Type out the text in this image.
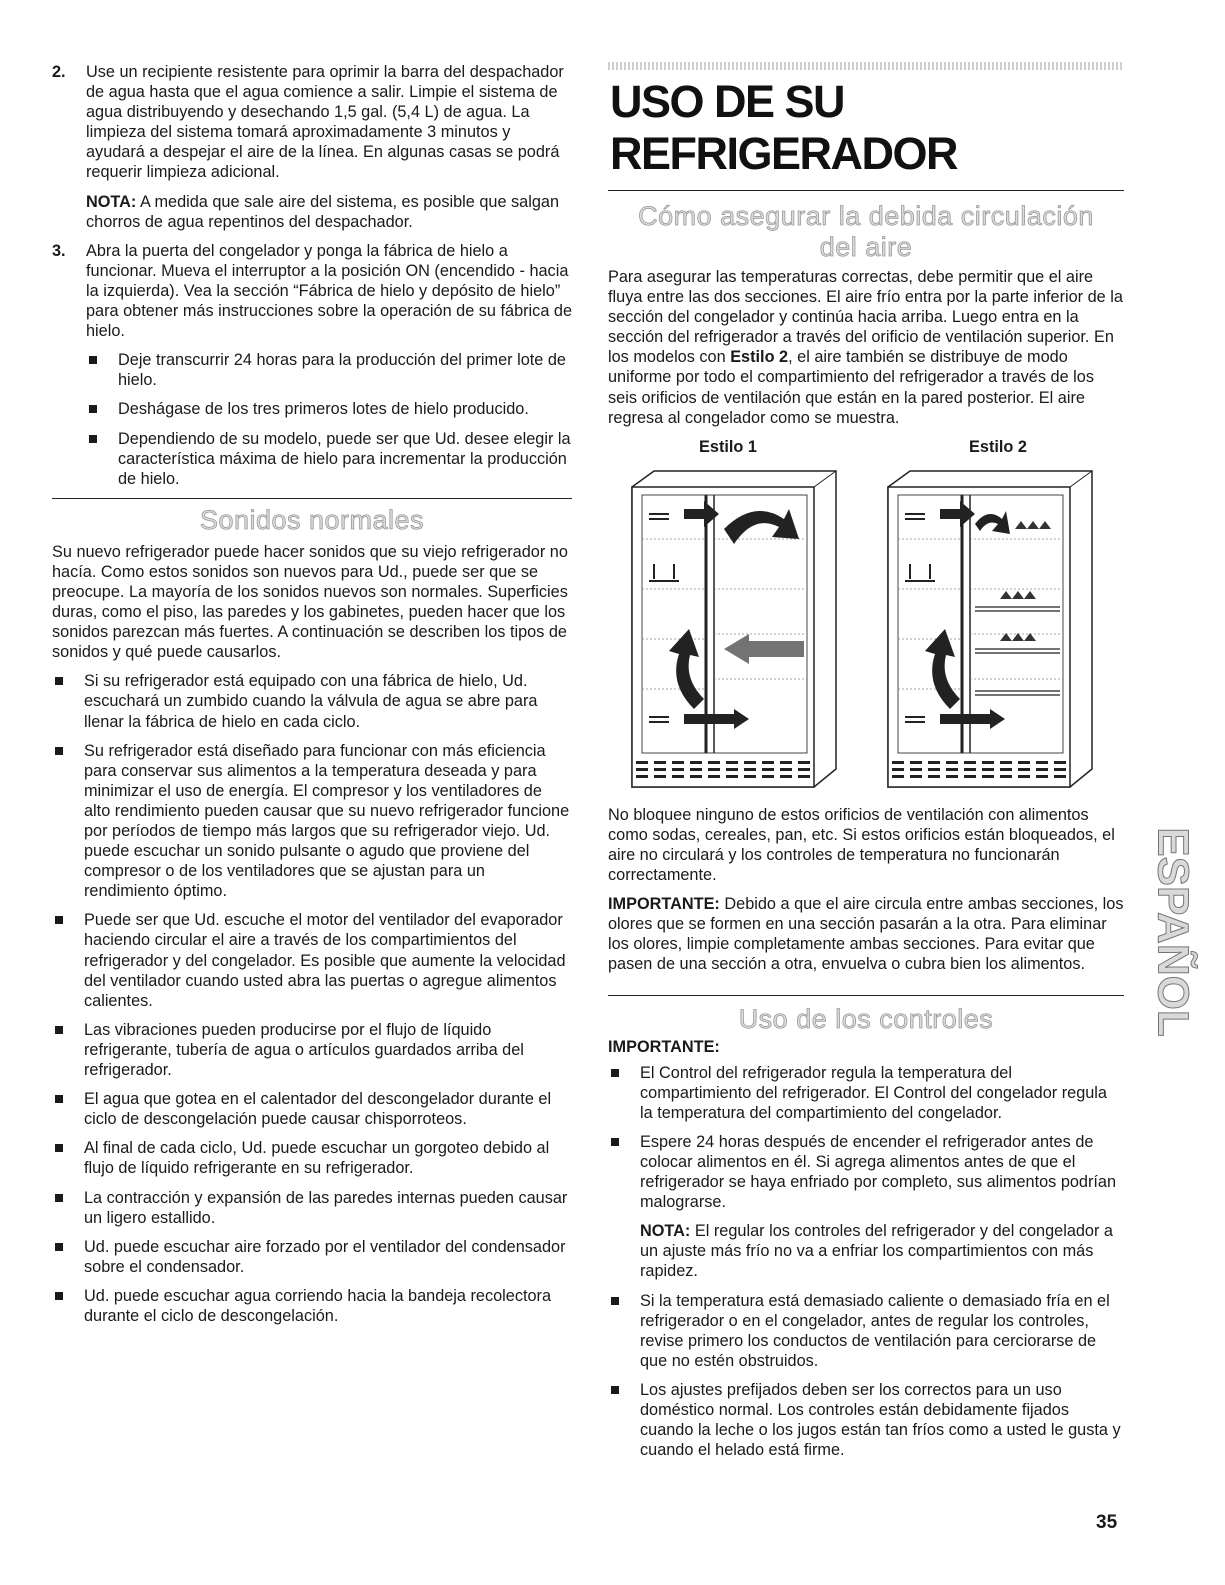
2. Use un recipiente resistente para oprimir la barra del despachador de agua hasta que el agua comience a salir. Limpie el sistema de agua distribuyendo y desechando 1,5 gal. (5,4 L) de agua. La limpieza del sistema tomará aproximadamente 3 minutos y ayudará a despejar el aire de la línea. En algunas casas se podrá requerir limpieza adicional.

NOTA: A medida que sale aire del sistema, es posible que salgan chorros de agua repentinos del despachador.

3. Abra la puerta del congelador y ponga la fábrica de hielo a funcionar. Mueva el interruptor a la posición ON (encendido - hacia la izquierda). Vea la sección “Fábrica de hielo y depósito de hielo” para obtener más instrucciones sobre la operación de su fábrica de hielo.

Deje transcurrir 24 horas para la producción del primer lote de hielo.
Deshágase de los tres primeros lotes de hielo producido.
Dependiendo de su modelo, puede ser que Ud. desee elegir la característica máxima de hielo para incrementar la producción de hielo.
Sonidos normales

Su nuevo refrigerador puede hacer sonidos que su viejo refrigerador no hacía. Como estos sonidos son nuevos para Ud., puede ser que se preocupe. La mayoría de los sonidos nuevos son normales. Superficies duras, como el piso, las paredes y los gabinetes, pueden hacer que los sonidos parezcan más fuertes. A continuación se describen los tipos de sonidos y qué puede causarlos.

Si su refrigerador está equipado con una fábrica de hielo, Ud. escuchará un zumbido cuando la válvula de agua se abre para llenar la fábrica de hielo en cada ciclo.
Su refrigerador está diseñado para funcionar con más eficiencia para conservar sus alimentos a la temperatura deseada y para minimizar el uso de energía. El compresor y los ventiladores de alto rendimiento pueden causar que su nuevo refrigerador funcione por períodos de tiempo más largos que su refrigerador viejo. Ud. puede escuchar un sonido pulsante o agudo que proviene del compresor o de los ventiladores que se ajustan para un rendimiento óptimo.
Puede ser que Ud. escuche el motor del ventilador del evaporador haciendo circular el aire a través de los compartimientos del refrigerador y del congelador. Es posible que aumente la velocidad del ventilador cuando usted abra las puertas o agregue alimentos calientes.
Las vibraciones pueden producirse por el flujo de líquido refrigerante, tubería de agua o artículos guardados arriba del refrigerador.
El agua que gotea en el calentador del descongelador durante el ciclo de descongelación puede causar chisporroteos.
Al final de cada ciclo, Ud. puede escuchar un gorgoteo debido al flujo de líquido refrigerante en su refrigerador.
La contracción y expansión de las paredes internas pueden causar un ligero estallido.
Ud. puede escuchar aire forzado por el ventilador del condensador sobre el condensador.
Ud. puede escuchar agua corriendo hacia la bandeja recolectora durante el ciclo de descongelación.
USO DE SU REFRIGERADOR
Cómo asegurar la debida circulación
del aire

Para asegurar las temperaturas correctas, debe permitir que el aire fluya entre las dos secciones. El aire frío entra por la parte inferior de la sección del congelador y continúa hacia arriba. Luego entra en la sección del refrigerador a través del orificio de ventilación superior. En los modelos con Estilo 2, el aire también se distribuye de modo uniforme por todo el compartimiento del refrigerador a través de los seis orificios de ventilación que están en la pared posterior. El aire regresa al congelador como se muestra.

Estilo 1	Estilo 2

No bloquee ninguno de estos orificios de ventilación con alimentos como sodas, cereales, pan, etc. Si estos orificios están bloqueados, el aire no circulará y los controles de temperatura no funcionarán correctamente.

IMPORTANTE: Debido a que el aire circula entre ambas secciones, los olores que se formen en una sección pasarán a la otra. Para eliminar los olores, limpie completamente ambas secciones. Para evitar que pasen de una sección a otra, envuelva o cubra bien los alimentos.

Uso de los controles

IMPORTANTE:

El Control del refrigerador regula la temperatura del compartimiento del refrigerador. El Control del congelador regula la temperatura del compartimiento del congelador.
Espere 24 horas después de encender el refrigerador antes de colocar alimentos en él. Si agrega alimentos antes de que el refrigerador se haya enfriado por completo, sus alimentos podrían malograrse.

NOTA: El regular los controles del refrigerador y del congelador a un ajuste más frío no va a enfriar los compartimientos con más rapidez.

Si la temperatura está demasiado caliente o demasiado fría en el refrigerador o en el congelador, antes de regular los controles, revise primero los conductos de ventilación para cerciorarse de que no estén obstruidos.
Los ajustes prefijados deben ser los correctos para un uso doméstico normal. Los controles están debidamente fijados cuando la leche o los jugos están tan fríos como a usted le gusta y cuando el helado está firme.
ESPAÑOL
35
